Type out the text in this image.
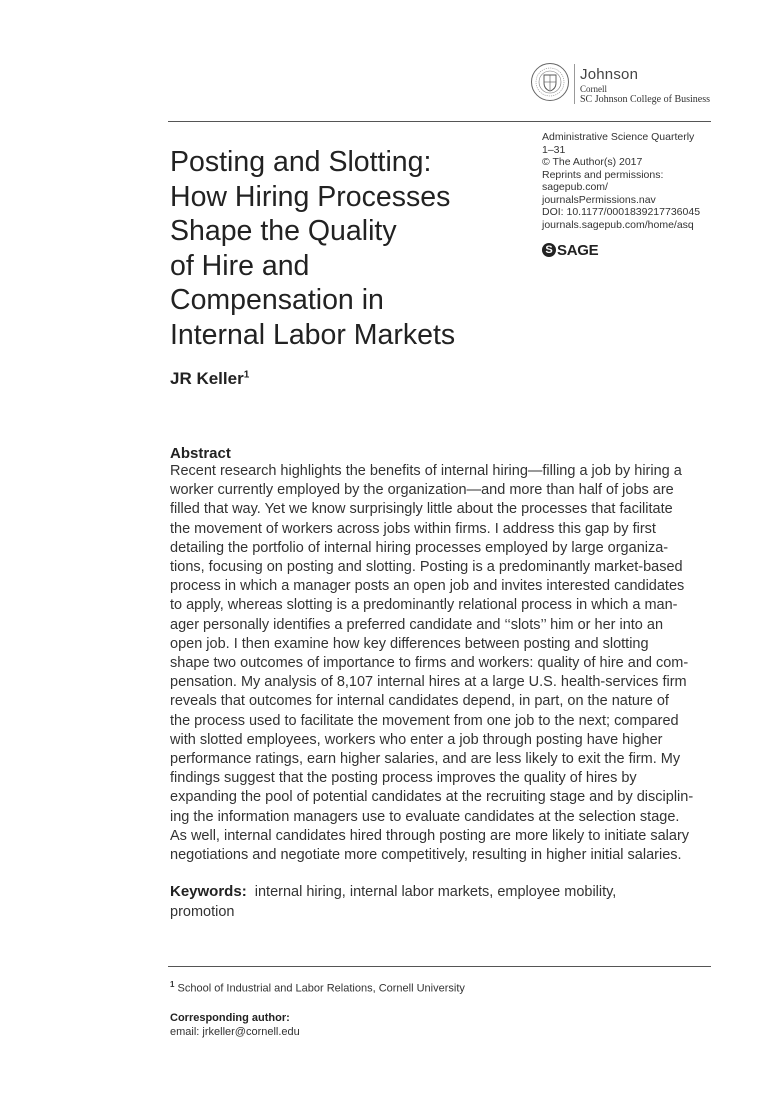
Johnson
Cornell
SC Johnson College of Business
Administrative Science Quarterly
1–31
© The Author(s) 2017
Reprints and permissions:
sagepub.com/
journalsPermissions.nav
DOI: 10.1177/0001839217736045
journals.sagepub.com/home/asq
S SAGE
Posting and Slotting:
How Hiring Processes
Shape the Quality
of Hire and
Compensation in
Internal Labor Markets
JR Keller$^1$
Abstract
Recent research highlights the benefits of internal hiring—filling a job by hiring a
worker currently employed by the organization—and more than half of jobs are
filled that way. Yet we know surprisingly little about the processes that facilitate
the movement of workers across jobs within firms. I address this gap by first
detailing the portfolio of internal hiring processes employed by large organiza-
tions, focusing on posting and slotting. Posting is a predominantly market-based
process in which a manager posts an open job and invites interested candidates
to apply, whereas slotting is a predominantly relational process in which a man-
ager personally identifies a preferred candidate and ‘‘slots’’ him or her into an
open job. I then examine how key differences between posting and slotting
shape two outcomes of importance to firms and workers: quality of hire and com-
pensation. My analysis of 8,107 internal hires at a large U.S. health-services firm
reveals that outcomes for internal candidates depend, in part, on the nature of
the process used to facilitate the movement from one job to the next; compared
with slotted employees, workers who enter a job through posting have higher
performance ratings, earn higher salaries, and are less likely to exit the firm. My
findings suggest that the posting process improves the quality of hires by
expanding the pool of potential candidates at the recruiting stage and by disciplin-
ing the information managers use to evaluate candidates at the selection stage.
As well, internal candidates hired through posting are more likely to initiate salary
negotiations and negotiate more competitively, resulting in higher initial salaries.
Keywords: internal hiring, internal labor markets, employee mobility,
promotion
$^1$ School of Industrial and Labor Relations, Cornell University
Corresponding author:
email: jrkeller@cornell.edu
